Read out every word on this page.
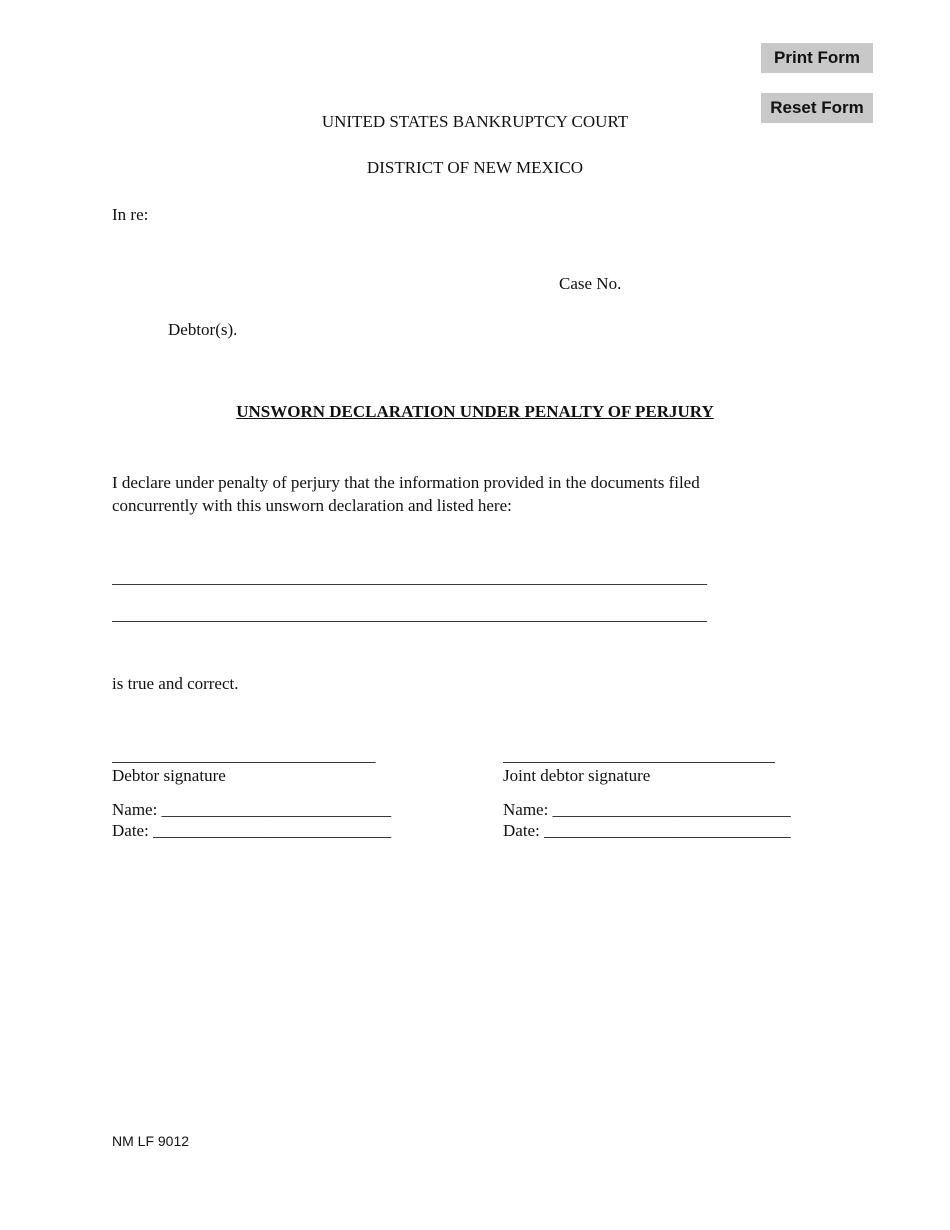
Print Form
Reset Form
UNITED STATES BANKRUPTCY COURT
DISTRICT OF NEW MEXICO
In re:
Case No.
Debtor(s).
UNSWORN DECLARATION UNDER PENALTY OF PERJURY
I declare under penalty of perjury that the information provided in the documents filed
concurrently with this unsworn declaration and listed here:
______________________________________________________________________
______________________________________________________________________
is true and correct.
_______________________________
Debtor signature
Name: ___________________________
Date: ____________________________
________________________________
Joint debtor signature
Name: ____________________________
Date: _____________________________
NM LF 9012
